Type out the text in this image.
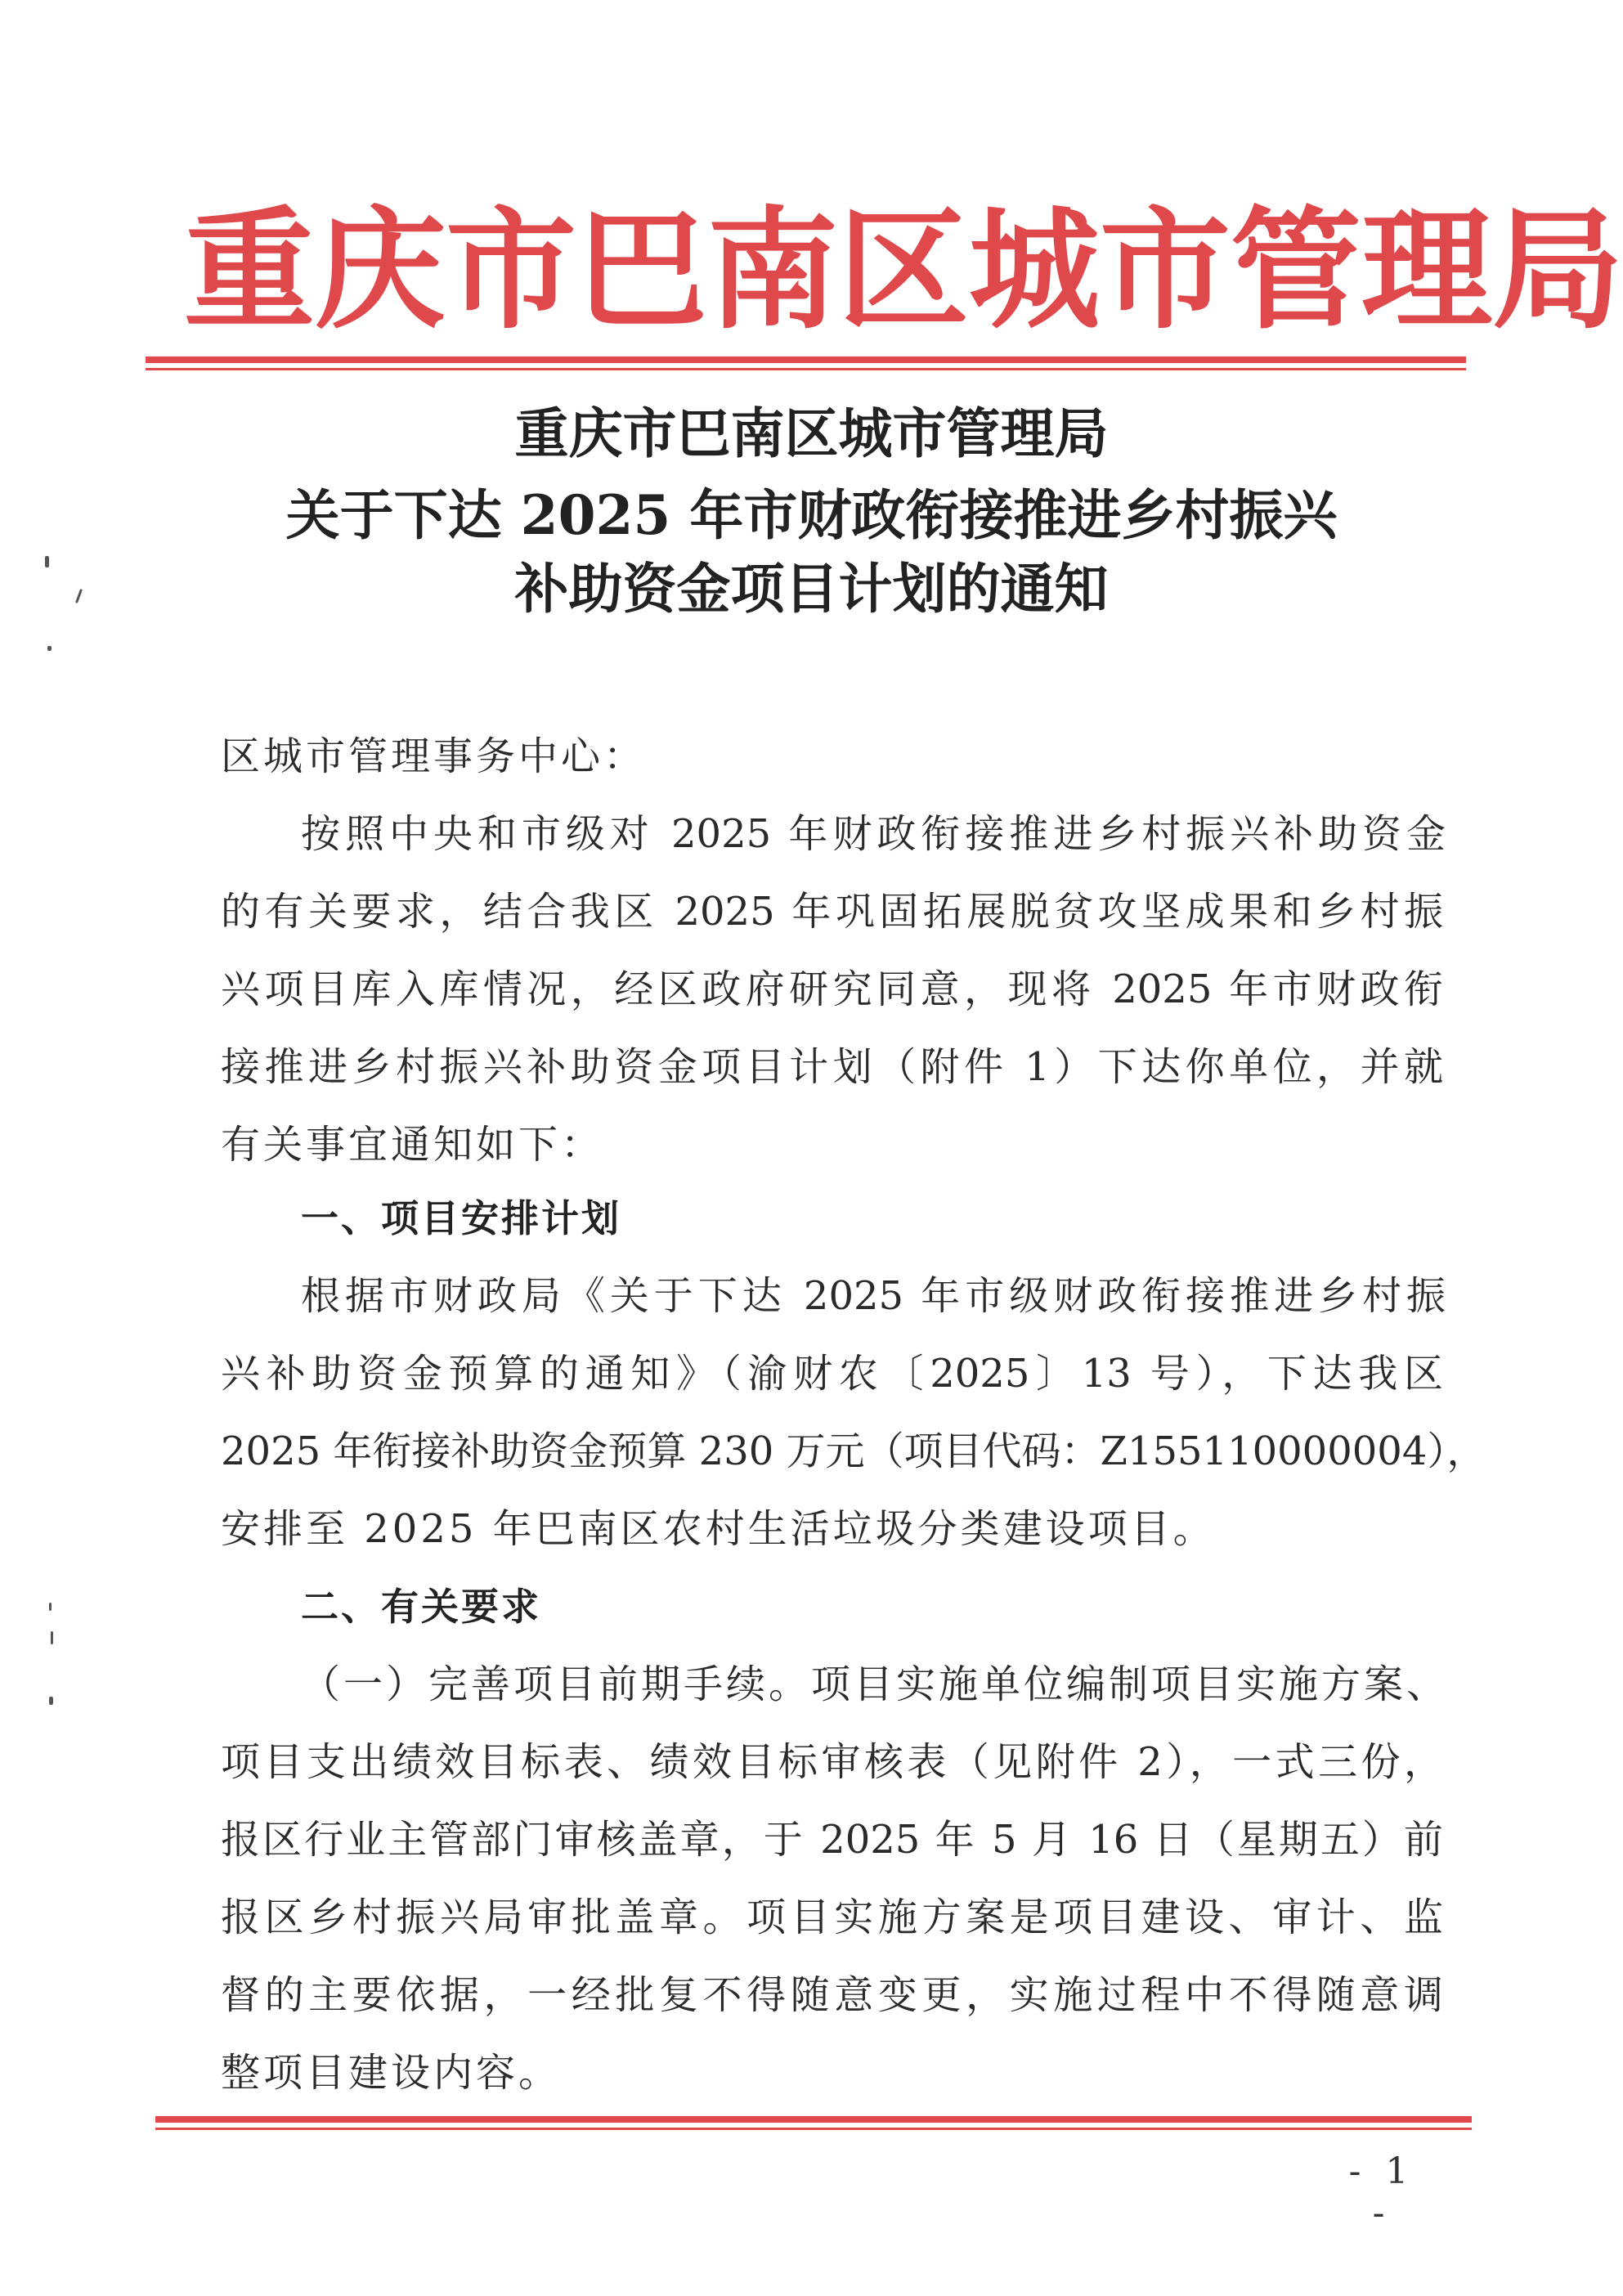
重庆市巴南区城市管理局
重庆市巴南区城市管理局
关于下达 2025 年市财政衔接推进乡村振兴
补助资金项目计划的通知
区城市管理事务中心：
按照中央和市级对 2025 年财政衔接推进乡村振兴补助资金
的有关要求，结合我区 2025 年巩固拓展脱贫攻坚成果和乡村振
兴项目库入库情况，经区政府研究同意，现将 2025 年市财政衔
接推进乡村振兴补助资金项目计划（附件 1）下达你单位，并就
有关事宜通知如下：
一、项目安排计划
根据市财政局《关于下达 2025 年市级财政衔接推进乡村振
兴补助资金预算的通知》（渝财农〔2025〕13 号），下达我区
2025 年衔接补助资金预算 230 万元（项目代码：Z155110000004），
安排至 2025 年巴南区农村生活垃圾分类建设项目。
二、有关要求
（一）完善项目前期手续。项目实施单位编制项目实施方案、
项目支出绩效目标表、绩效目标审核表（见附件 2），一式三份，
报区行业主管部门审核盖章，于 2025 年 5 月 16 日（星期五）前
报区乡村振兴局审批盖章。项目实施方案是项目建设、审计、监
督的主要依据，一经批复不得随意变更，实施过程中不得随意调
整项目建设内容。
- 1 -
